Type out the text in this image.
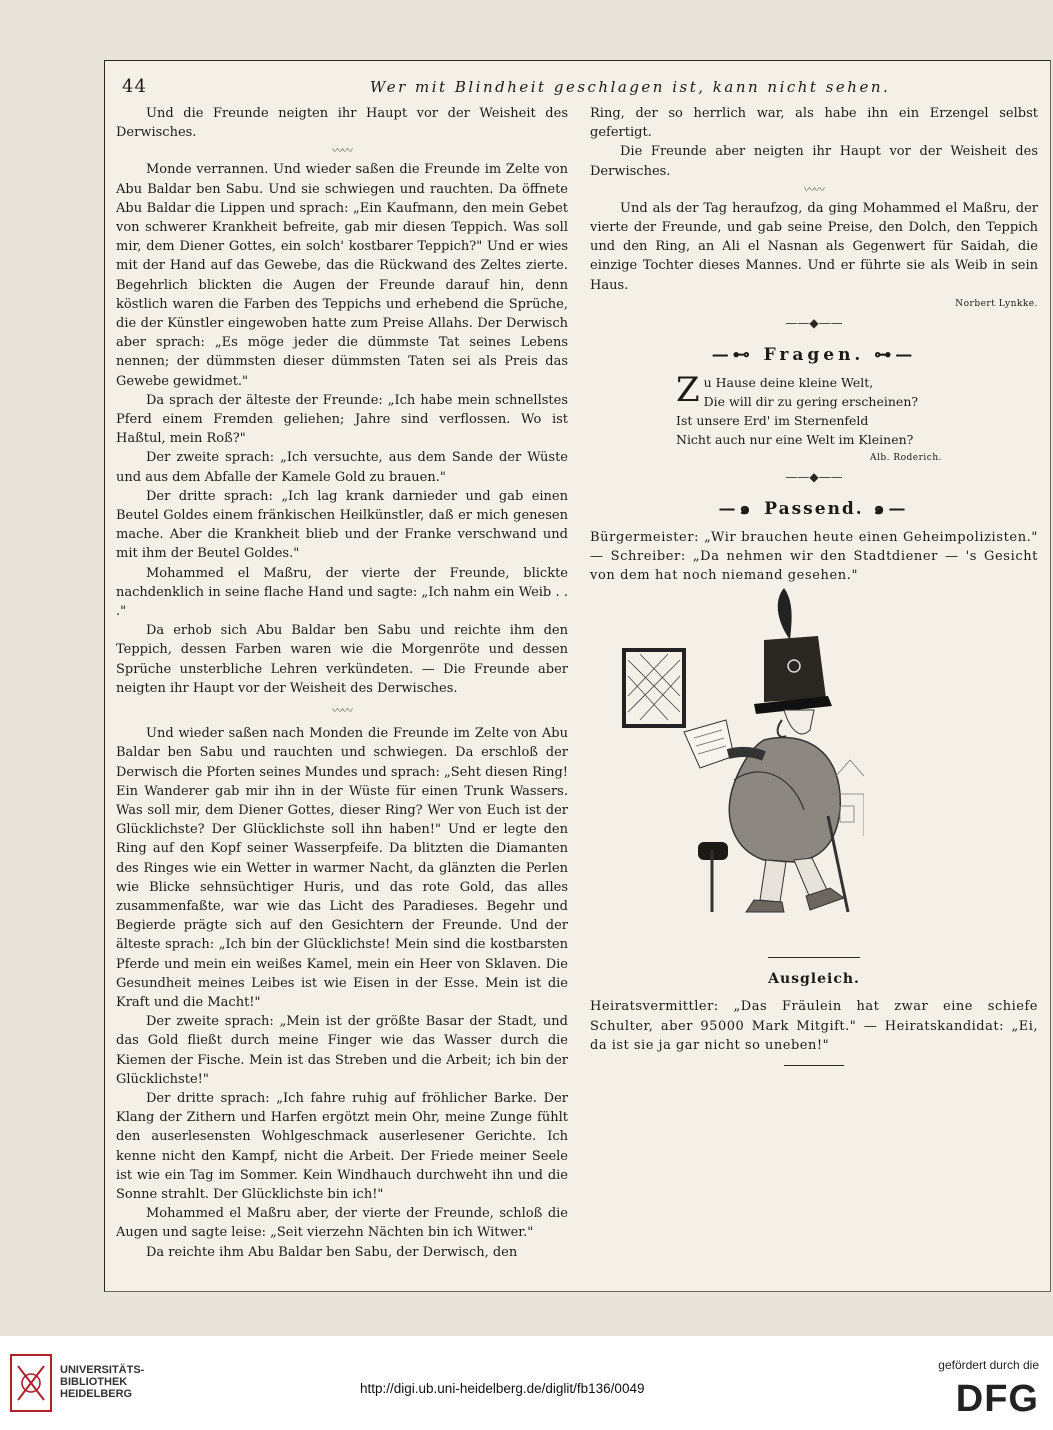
44	Wer mit Blindheit geschlagen ist, kann nicht sehen.

Und die Freunde neigten ihr Haupt vor der Weisheit des Derwisches.

〰〰

Monde verrannen. Und wieder saßen die Freunde im Zelte von Abu Baldar ben Sabu. Und sie schwiegen und rauchten. Da öffnete Abu Baldar die Lippen und sprach: „Ein Kaufmann, den mein Gebet von schwerer Krankheit befreite, gab mir diesen Teppich. Was soll mir, dem Diener Gottes, ein solch' kostbarer Teppich?" Und er wies mit der Hand auf das Gewebe, das die Rückwand des Zeltes zierte. Begehrlich blickten die Augen der Freunde darauf hin, denn köstlich waren die Farben des Teppichs und erhebend die Sprüche, die der Künstler eingewoben hatte zum Preise Allahs. Der Derwisch aber sprach: „Es möge jeder die dümmste Tat seines Lebens nennen; der dümmsten dieser dümmsten Taten sei als Preis das Gewebe gewidmet."

Da sprach der älteste der Freunde: „Ich habe mein schnellstes Pferd einem Fremden geliehen; Jahre sind verflossen. Wo ist Haßtul, mein Roß?"

Der zweite sprach: „Ich versuchte, aus dem Sande der Wüste und aus dem Abfalle der Kamele Gold zu brauen."

Der dritte sprach: „Ich lag krank darnieder und gab einen Beutel Goldes einem fränkischen Heilkünstler, daß er mich genesen mache. Aber die Krankheit blieb und der Franke verschwand und mit ihm der Beutel Goldes."

Mohammed el Maßru, der vierte der Freunde, blickte nachdenklich in seine flache Hand und sagte: „Ich nahm ein Weib . . ."

Da erhob sich Abu Baldar ben Sabu und reichte ihm den Teppich, dessen Farben waren wie die Morgenröte und dessen Sprüche unsterbliche Lehren verkündeten. — Die Freunde aber neigten ihr Haupt vor der Weisheit des Derwisches.

〰〰

Und wieder saßen nach Monden die Freunde im Zelte von Abu Baldar ben Sabu und rauchten und schwiegen. Da erschloß der Derwisch die Pforten seines Mundes und sprach: „Seht diesen Ring! Ein Wanderer gab mir ihn in der Wüste für einen Trunk Wassers. Was soll mir, dem Diener Gottes, dieser Ring? Wer von Euch ist der Glücklichste? Der Glücklichste soll ihn haben!" Und er legte den Ring auf den Kopf seiner Wasserpfeife. Da blitzten die Diamanten des Ringes wie ein Wetter in warmer Nacht, da glänzten die Perlen wie Blicke sehnsüchtiger Huris, und das rote Gold, das alles zusammenfaßte, war wie das Licht des Paradieses. Begehr und Begierde prägte sich auf den Gesichtern der Freunde. Und der älteste sprach: „Ich bin der Glücklichste! Mein sind die kostbarsten Pferde und mein ein weißes Kamel, mein ein Heer von Sklaven. Die Gesundheit meines Leibes ist wie Eisen in der Esse. Mein ist die Kraft und die Macht!"

Der zweite sprach: „Mein ist der größte Basar der Stadt, und das Gold fließt durch meine Finger wie das Wasser durch die Kiemen der Fische. Mein ist das Streben und die Arbeit; ich bin der Glücklichste!"

Der dritte sprach: „Ich fahre ruhig auf fröhlicher Barke. Der Klang der Zithern und Harfen ergötzt mein Ohr, meine Zunge fühlt den auserlesensten Wohlgeschmack auserlesener Gerichte. Ich kenne nicht den Kampf, nicht die Arbeit. Der Friede meiner Seele ist wie ein Tag im Sommer. Kein Windhauch durchweht ihn und die Sonne strahlt. Der Glücklichste bin ich!"

Mohammed el Maßru aber, der vierte der Freunde, schloß die Augen und sagte leise: „Seit vierzehn Nächten bin ich Witwer."

Da reichte ihm Abu Baldar ben Sabu, der Derwisch, den

Ring, der so herrlich war, als habe ihn ein Erzengel selbst gefertigt.

Die Freunde aber neigten ihr Haupt vor der Weisheit des Derwisches.

〰〰

Und als der Tag heraufzog, da ging Mohammed el Maßru, der vierte der Freunde, und gab seine Preise, den Dolch, den Teppich und den Ring, an Ali el Nasnan als Gegenwert für Saidah, die einzige Tochter dieses Mannes. Und er führte sie als Weib in sein Haus.

Norbert Lynkke.
——◆——
—⊷ Fragen. ⊶—
Z u Hause deine kleine Welt,
Die will dir zu gering erscheinen?
Ist unsere Erd' im Sternenfeld
Nicht auch nur eine Welt im Kleinen?
Alb. Roderich.
——◆——
—๑ Passend. ๑—

Bürgermeister: „Wir brauchen heute einen Geheimpolizisten." — Schreiber: „Da nehmen wir den Stadtdiener — 's Gesicht von dem hat noch niemand gesehen."

Ausgleich.

Heiratsvermittler: „Das Fräulein hat zwar eine schiefe Schulter, aber 95000 Mark Mitgift." — Heiratskandidat: „Ei, da ist sie ja gar nicht so uneben!"

UNIVERSITÄTS-
BIBLIOTHEK
HEIDELBERG	http://digi.ub.uni-heidelberg.de/diglit/fb136/0049
gefördert durch die
DFG
